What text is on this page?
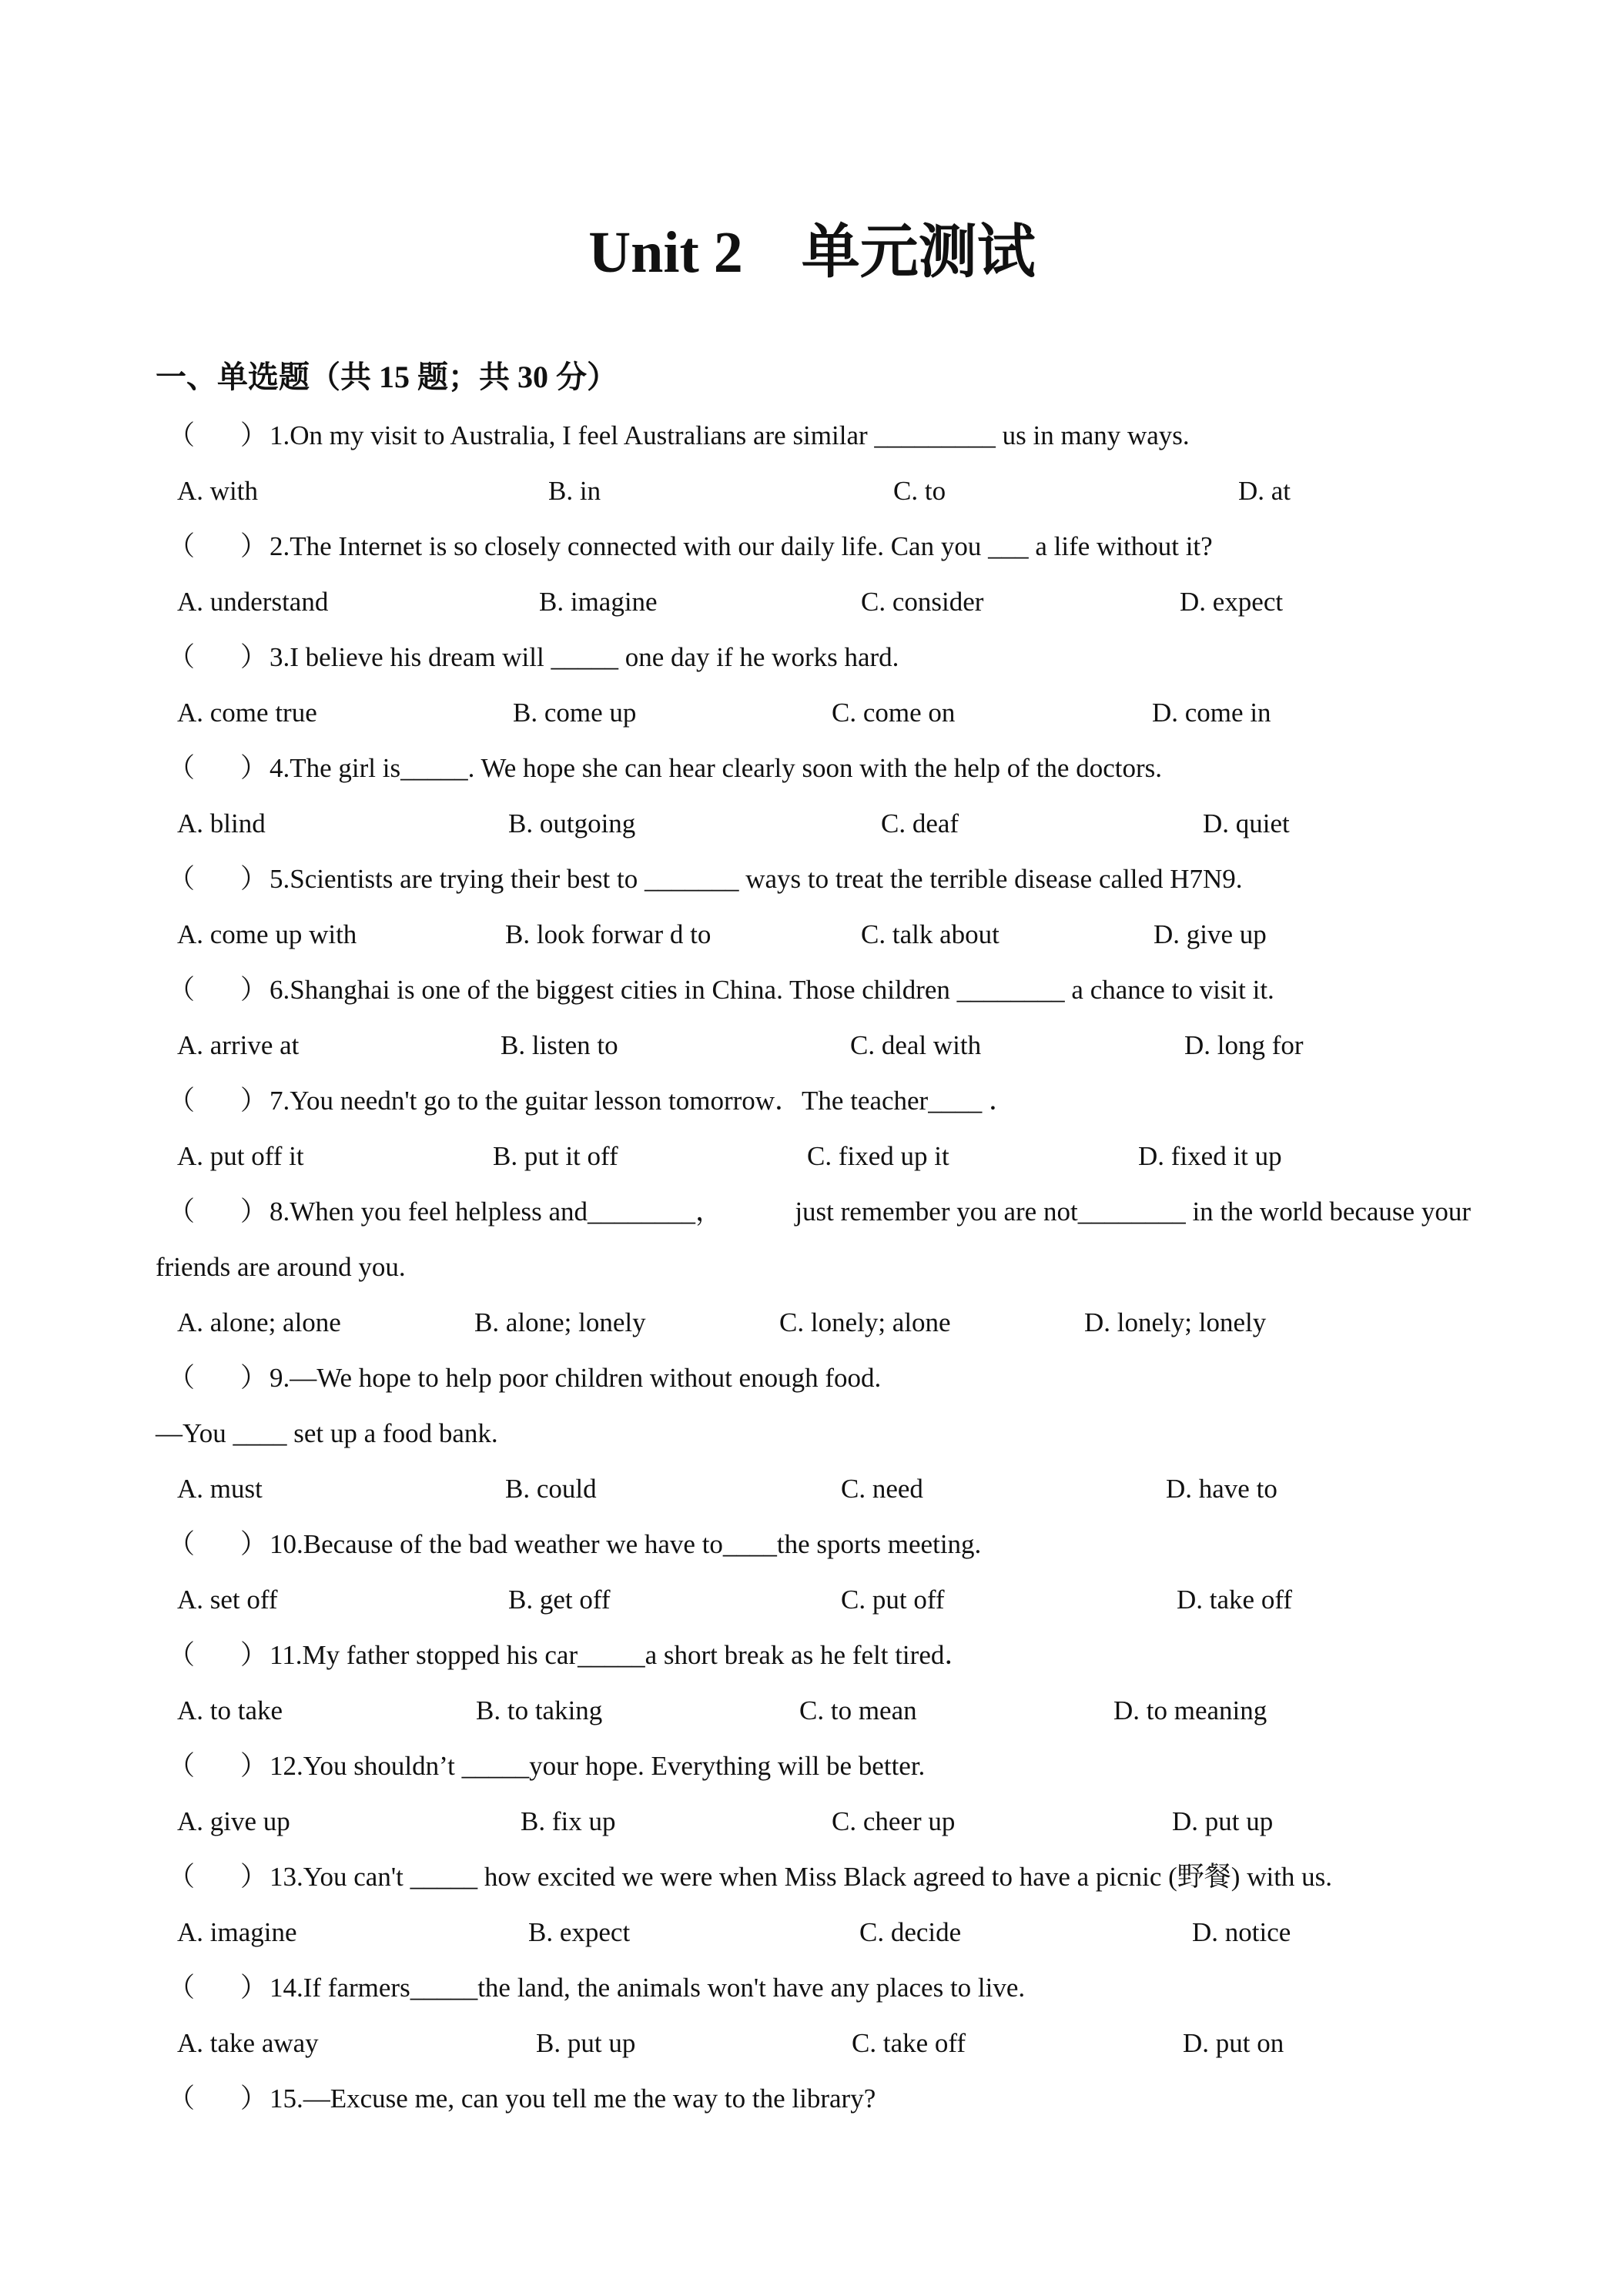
Unit 2　单元测试
一、单选题（共 15 题；共 30 分）
（ ） 1.On my visit to Australia, I feel Australians are similar _________ us in many ways.
A. with	B. in	C. to	D. at
（ ） 2.The Internet is so closely connected with our daily life. Can you ___ a life without it?
A. understand	B. imagine	C. consider	D. expect
（ ） 3.I believe his dream will _____ one day if he works hard.
A. come true	B. come up	C. come on	D. come in
（ ） 4.The girl is_____. We hope she can hear clearly soon with the help of the doctors.
A. blind	B. outgoing	C. deaf	D. quiet
（ ） 5.Scientists are trying their best to _______ ways to treat the terrible disease called H7N9.
A. come up with	B. look forwar d to	C. talk about	D. give up
（ ） 6.Shanghai is one of the biggest cities in China. Those children ________ a chance to visit it.
A. arrive at	B. listen to	C. deal with	D. long for
（ ） 7.You needn't go to the guitar lesson tomorrow．The teacher____ ．
A. put off it	B. put it off	C. fixed up it	D. fixed it up
（ ） 8.When you feel helpless and________，	just remember you are not________ in the world because your
friends are around you.
A. alone; alone	B. alone; lonely	C. lonely; alone	D. lonely; lonely
（ ） 9.—We hope to help poor children without enough food.
—You ____ set up a food bank.
A. must	B. could	C. need	D. have to
（ ） 10.Because of the bad weather we have to____the sports meeting.
A. set off	B. get off	C. put off	D. take off
（ ） 11.My father stopped his car_____a short break as he felt tired．
A. to take	B. to taking	C. to mean	D. to meaning
（ ） 12.You shouldn’t _____your hope. Everything will be better.
A. give up	B. fix up	C. cheer up	D. put up
（ ） 13.You can't _____ how excited we were when Miss Black agreed to have a picnic (野餐) with us.
A. imagine	B. expect	C. decide	D. notice
（ ） 14.If farmers_____the land, the animals won't have any places to live.
A. take away	B. put up	C. take off	D. put on
（ ） 15.—Excuse me, can you tell me the way to the library?
